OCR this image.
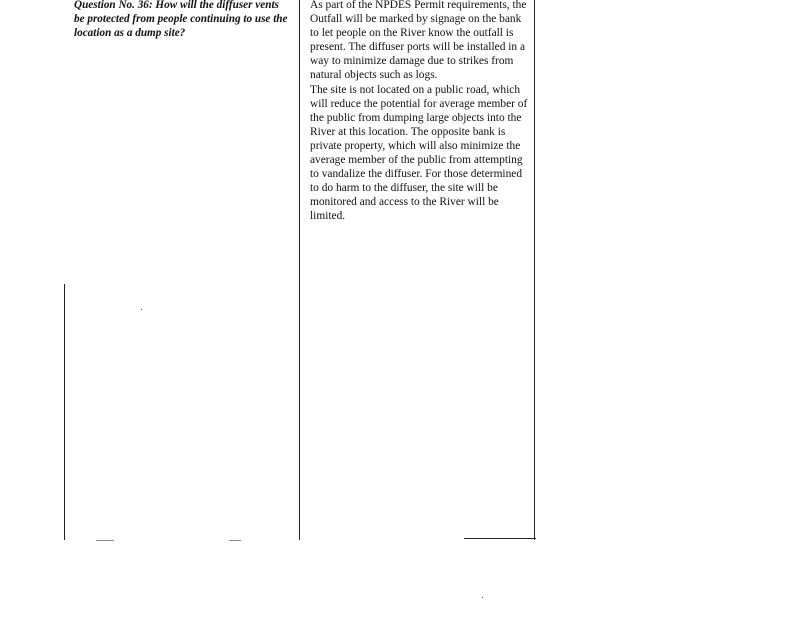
Question No. 36: How will the diffuser vents be protected from people continuing to use the location as a dump site?

As part of the NPDES Permit requirements, the Outfall will be marked by signage on the bank to let people on the River know the outfall is present. The diffuser ports will be installed in a way to minimize damage due to strikes from natural objects such as logs.

The site is not located on a public road, which will reduce the potential for average member of the public from dumping large objects into the River at this location. The opposite bank is private property, which will also minimize the average member of the public from attempting to vandalize the diffuser. For those determined to do harm to the diffuser, the site will be monitored and access to the River will be limited.
